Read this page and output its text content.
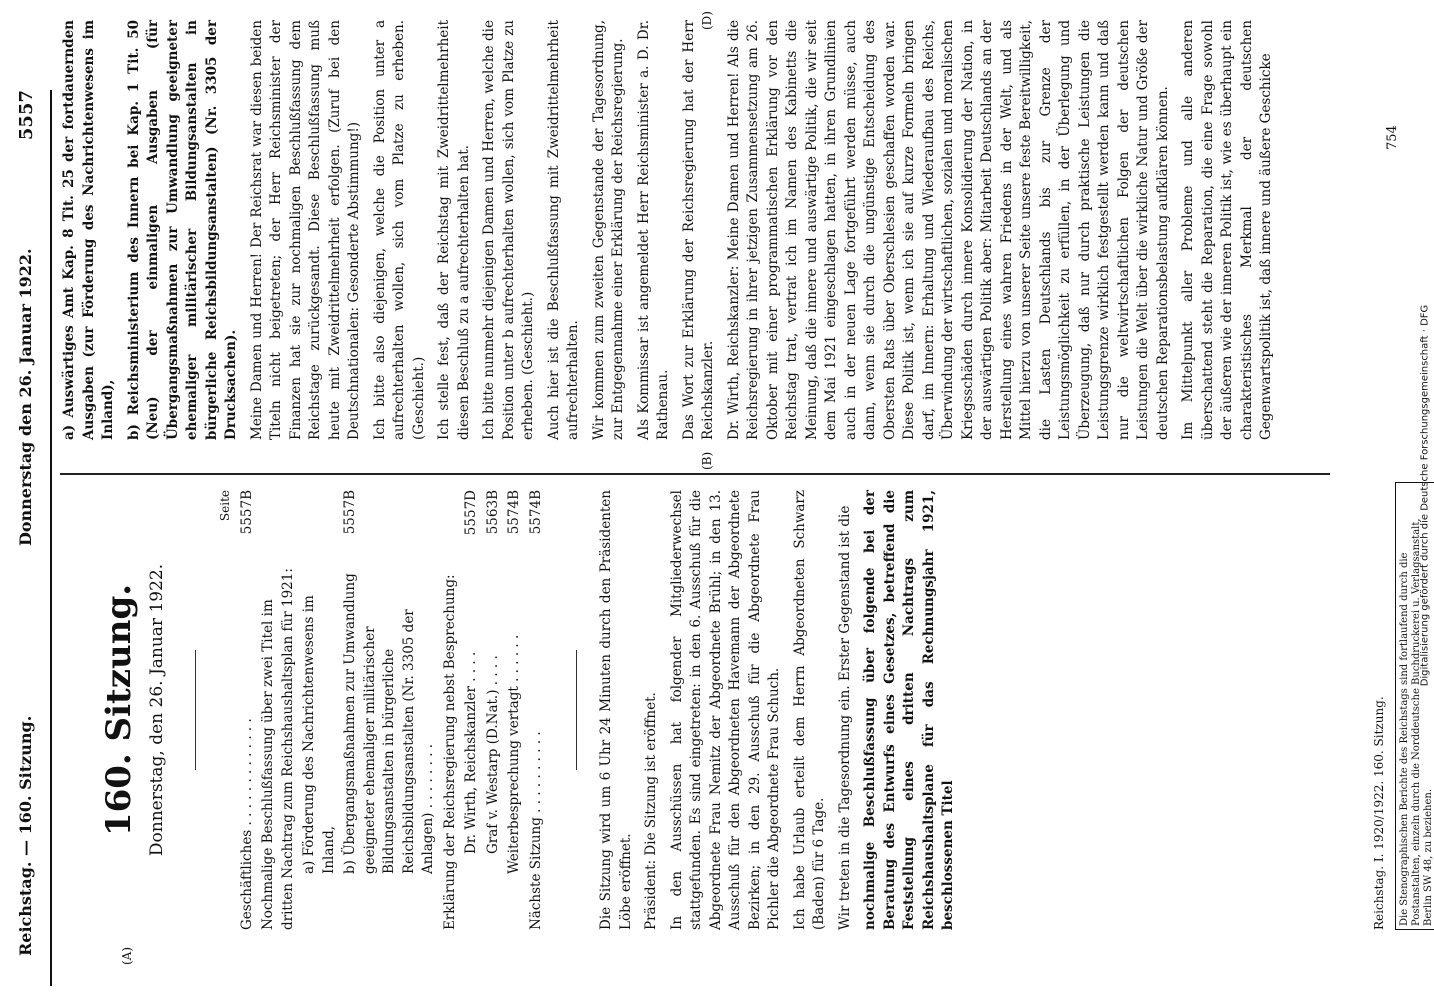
Reichstag. — 160. Sitzung.
Donnerstag den 26. Januar 1922.
5557
(A)
(B)
(D)
160. Sitzung. Donnerstag, den 26. Januar 1922.
Seite
Geschäftliches . . . . . . . . . . . . .
5557B
Nochmalige Beschlußfassung über zwei Titel im dritten Nachtrag zum Reichshaushaltsplan für 1921: a) Förderung des Nachrichtenwesens im Inland, b) Übergangsmaßnahmen zur Umwandlung geeigneter ehemaliger militärischer Bildungsanstalten in bürgerliche Reichsbildungsanstalten (Nr. 3305 der Anlagen) . . . . . . . .
5557B
Erklärung der Reichsregierung nebst Besprechung: Dr. Wirth, Reichskanzler . . . .
5557D
Graf v. Westarp (D.Nat.) . . . .
5563B
Weiterbesprechung vertagt . . . . . .
5574B
Nächste Sitzung . . . . . . . . . .
5574B	Die Sitzung wird um 6 Uhr 24 Minuten durch den Präsidenten Löbe eröffnet. Präsident: Die Sitzung ist eröffnet. In den Ausschüssen hat folgender Mitgliederwechsel stattgefunden. Es sind eingetreten: in den 6. Ausschuß für die Abgeordnete Frau Nemitz der Abgeordnete Brühl; in den 13. Ausschuß für den Abgeordneten Havemann der Abgeordnete Bezirken; in den 29. Ausschuß für die Abgeordnete Frau Pichler die Abgeordnete Frau Schuch. Ich habe Urlaub erteilt dem Herrn Abgeordneten Schwarz (Baden) für 6 Tage. Wir treten in die Tagesordnung ein. Erster Gegenstand ist die nochmalige Beschlußfassung über folgende bei der Beratung des Entwurfs eines Gesetzes, betreffend die Feststellung eines dritten Nachtrags zum Reichshaushaltsplane für das Rechnungsjahr 1921, beschlossenen Titel

a) Auswärtiges Amt Kap. 8 Tit. 25 der fortdauernden Ausgaben (zur Förderung des Nachrichtenwesens im Inland), b) Reichsministerium des Innern bei Kap. 1 Tit. 50 (Neu) der einmaligen Ausgaben (für Übergangsmaßnahmen zur Umwandlung geeigneter ehemaliger militärischer Bildungsanstalten in bürgerliche Reichsbildungsanstalten) (Nr. 3305 der Drucksachen). Meine Damen und Herren! Der Reichsrat war diesen beiden Titeln nicht beigetreten; der Herr Reichsminister der Finanzen hat sie zur nochmaligen Beschlußfassung dem Reichstage zurückgesandt. Diese Beschlußfassung muß heute mit Zweidrittelmehrheit erfolgen. (Zuruf bei den Deutschnationalen: Gesonderte Abstimmung!) Ich bitte also diejenigen, welche die Position unter a aufrechterhalten wollen, sich vom Platze zu erheben. (Geschieht.) Ich stelle fest, daß der Reichstag mit Zweidrittelmehrheit diesen Beschluß zu a aufrechterhalten hat. Ich bitte nunmehr diejenigen Damen und Herren, welche die Position unter b aufrechterhalten wollen, sich vom Platze zu erheben. (Geschieht.) Auch hier ist die Beschlußfassung mit Zweidrittelmehrheit aufrechterhalten. Wir kommen zum zweiten Gegenstande der Tagesordnung, zur Entgegennahme einer Erklärung der Reichsregierung. Als Kommissar ist angemeldet Herr Reichsminister a. D. Dr. Rathenau. Das Wort zur Erklärung der Reichsregierung hat der Herr Reichskanzler. Dr. Wirth, Reichskanzler: Meine Damen und Herren! Als die Reichsregierung in ihrer jetzigen Zusammensetzung am 26. Oktober mit einer programmatischen Erklärung vor den Reichstag trat, vertrat ich im Namen des Kabinetts die Meinung, daß die innere und auswärtige Politik, die wir seit dem Mai 1921 eingeschlagen hatten, in ihren Grundlinien auch in der neuen Lage fortgeführt werden müsse, auch dann, wenn sie durch die ungünstige Entscheidung des Obersten Rats über Oberschlesien geschaffen worden war. Diese Politik ist, wenn ich sie auf kurze Formeln bringen darf, im Innern: Erhaltung und Wiederaufbau des Reichs, Überwindung der wirtschaftlichen, sozialen und moralischen Kriegsschäden durch innere Konsolidierung der Nation, in der auswärtigen Politik aber: Mitarbeit Deutschlands an der Herstellung eines wahren Friedens in der Welt, und als Mittel hierzu von unserer Seite unsere feste Bereitwilligkeit, die Lasten Deutschlands bis zur Grenze der Leistungsmöglichkeit zu erfüllen, in der Überlegung und Überzeugung, daß nur durch praktische Leistungen die Leistungsgrenze wirklich festgestellt werden kann und daß nur die weltwirtschaftlichen Folgen der deutschen Leistungen die Welt über die wirkliche Natur und Größe der deutschen Reparationsbelastung aufklären können. Im Mittelpunkt aller Probleme und alle anderen überschattend steht die Reparation, die eine Frage sowohl der äußeren wie der inneren Politik ist, wie es überhaupt ein charakteristisches Merkmal der deutschen Gegenwartspolitik ist, daß innere und äußere Geschicke

Reichstag. I. 1920/1922. 160. Sitzung.	Die Stenographischen Berichte des Reichstags sind fortlaufend durch die Postanstalten, einzeln durch die Norddeutsche Buchdruckerei u. Verlagsanstalt, Berlin SW 48, zu beziehen.
754
Digitalisierung gefördert durch die Deutsche Forschungsgemeinschaft · DFG
